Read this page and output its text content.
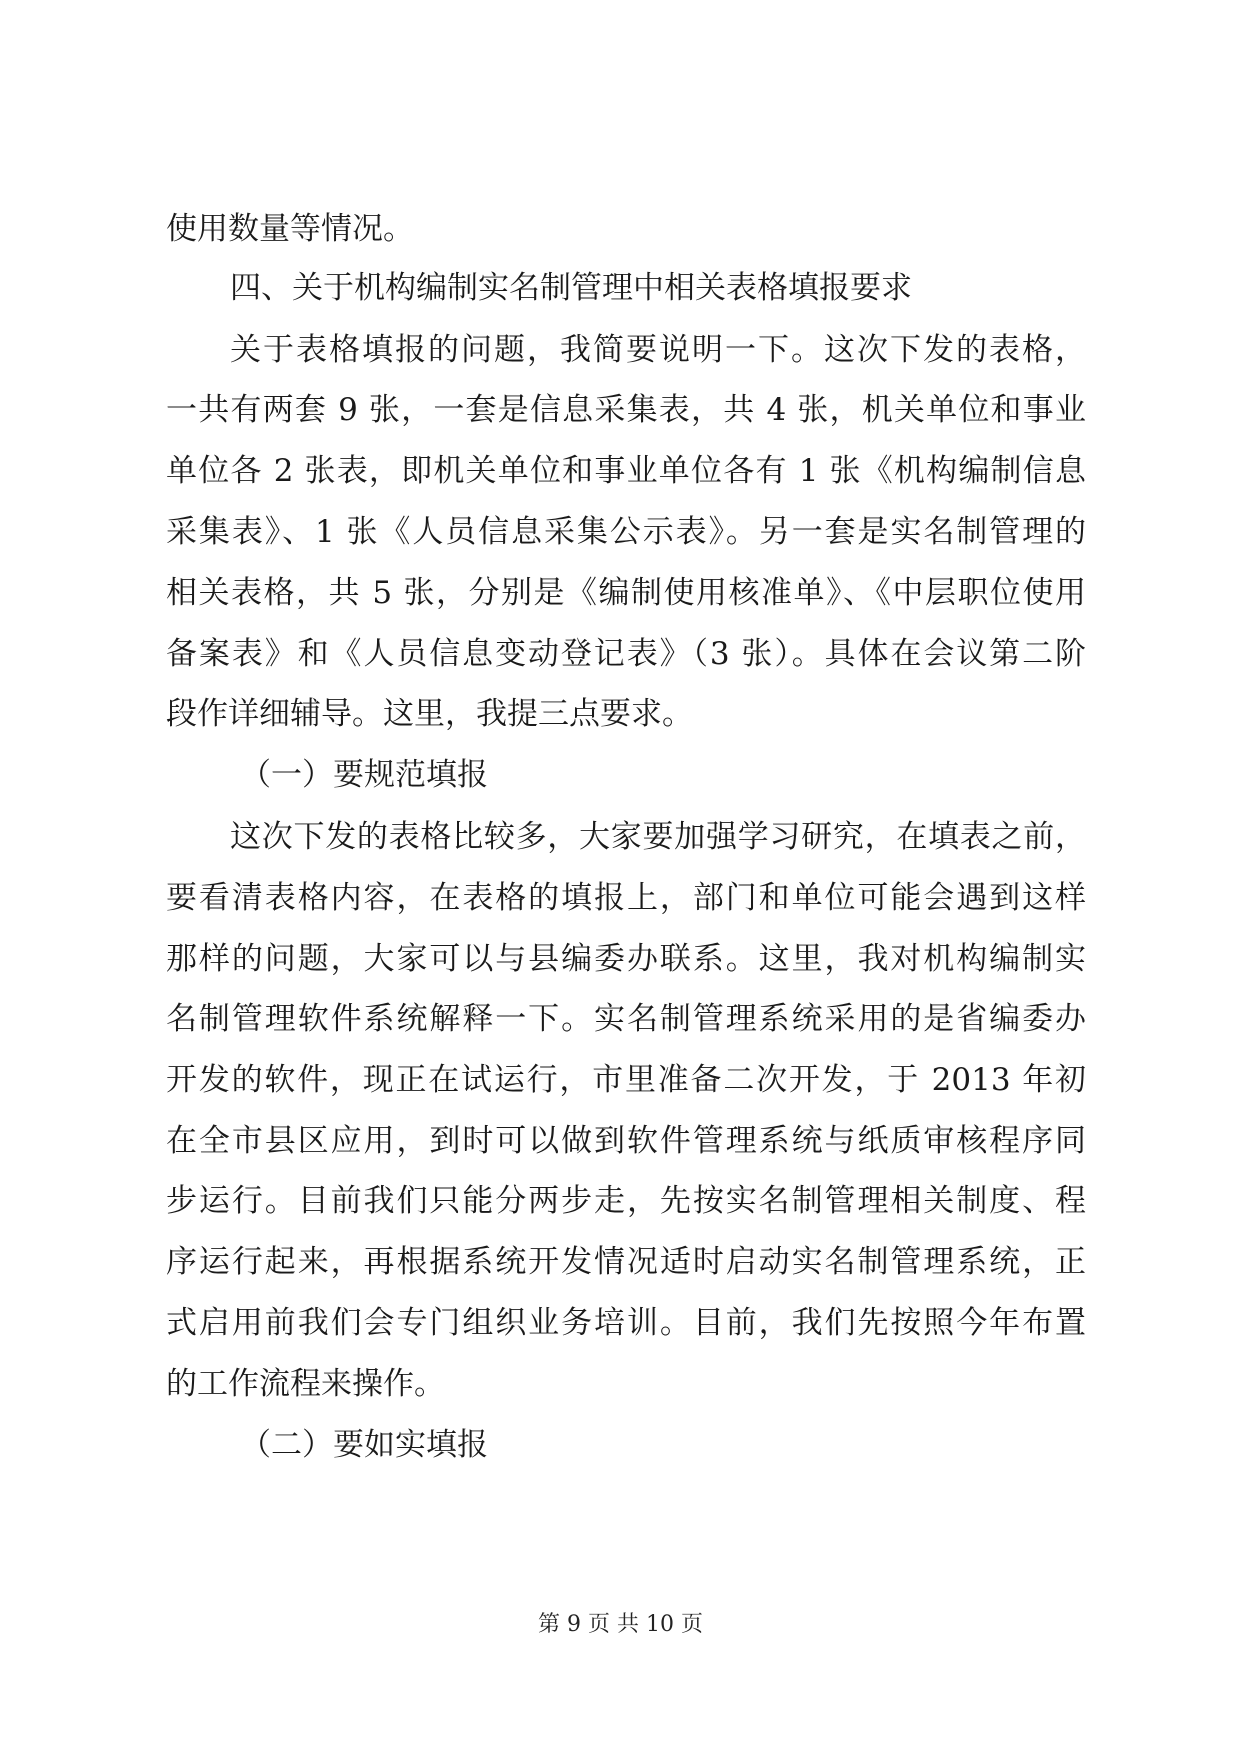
使用数量等情况。
四、关于机构编制实名制管理中相关表格填报要求
关于表格填报的问题，我简要说明一下。这次下发的表格，
一共有两套 9 张，一套是信息采集表，共 4 张，机关单位和事业
单位各 2 张表，即机关单位和事业单位各有 1 张《机构编制信息
采集表》、1 张《人员信息采集公示表》。另一套是实名制管理的
相关表格，共 5 张，分别是《编制使用核准单》、《中层职位使用
备案表》和《人员信息变动登记表》（3 张）。具体在会议第二阶
段作详细辅导。这里，我提三点要求。
（一）要规范填报
这次下发的表格比较多，大家要加强学习研究，在填表之前，
要看清表格内容，在表格的填报上，部门和单位可能会遇到这样
那样的问题，大家可以与县编委办联系。这里，我对机构编制实
名制管理软件系统解释一下。实名制管理系统采用的是省编委办
开发的软件，现正在试运行，市里准备二次开发，于 2013 年初
在全市县区应用，到时可以做到软件管理系统与纸质审核程序同
步运行。目前我们只能分两步走，先按实名制管理相关制度、程
序运行起来，再根据系统开发情况适时启动实名制管理系统，正
式启用前我们会专门组织业务培训。目前，我们先按照今年布置
的工作流程来操作。
（二）要如实填报
第 9 页 共 10 页
